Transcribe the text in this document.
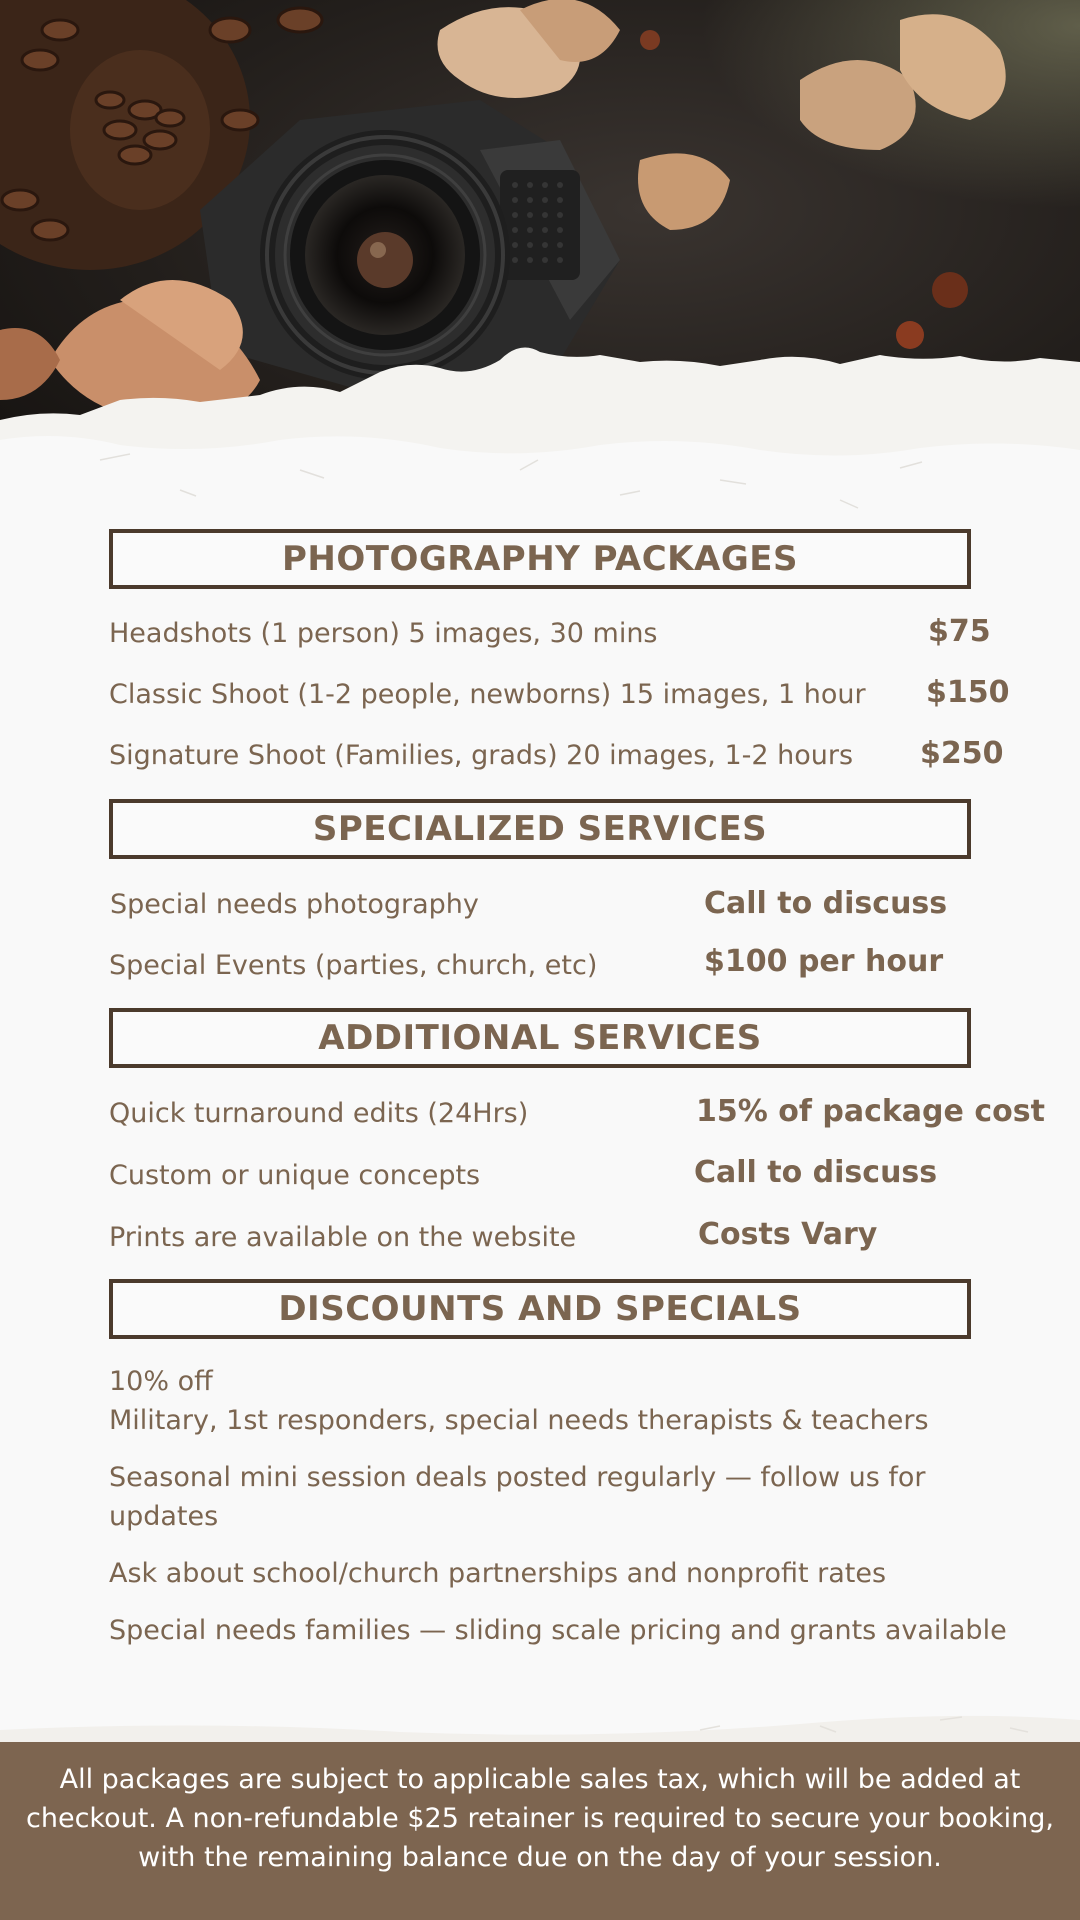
PHOTOGRAPHY PACKAGES
Headshots (1 person) 5 images, 30 mins	$75
Classic Shoot (1-2 people, newborns) 15 images, 1 hour $150
Signature Shoot (Families, grads) 20 images, 1-2 hours $250
SPECIALIZED SERVICES
Special needs photography	Call to discuss
Special Events (parties, church, etc)	$100 per hour
ADDITIONAL SERVICES
Quick turnaround edits (24Hrs)	15% of package cost
Custom or unique concepts	Call to discuss
Prints are available on the website	Costs Vary
DISCOUNTS AND SPECIALS
10% off
Military, 1st responders, special needs therapists & teachers
Seasonal mini session deals posted regularly — follow us for updates
Ask about school/church partnerships and nonprofit rates
Special needs families — sliding scale pricing and grants available
All packages are subject to applicable sales tax, which will be added at checkout. A non-refundable $25 retainer is required to secure your booking, with the remaining balance due on the day of your session.
